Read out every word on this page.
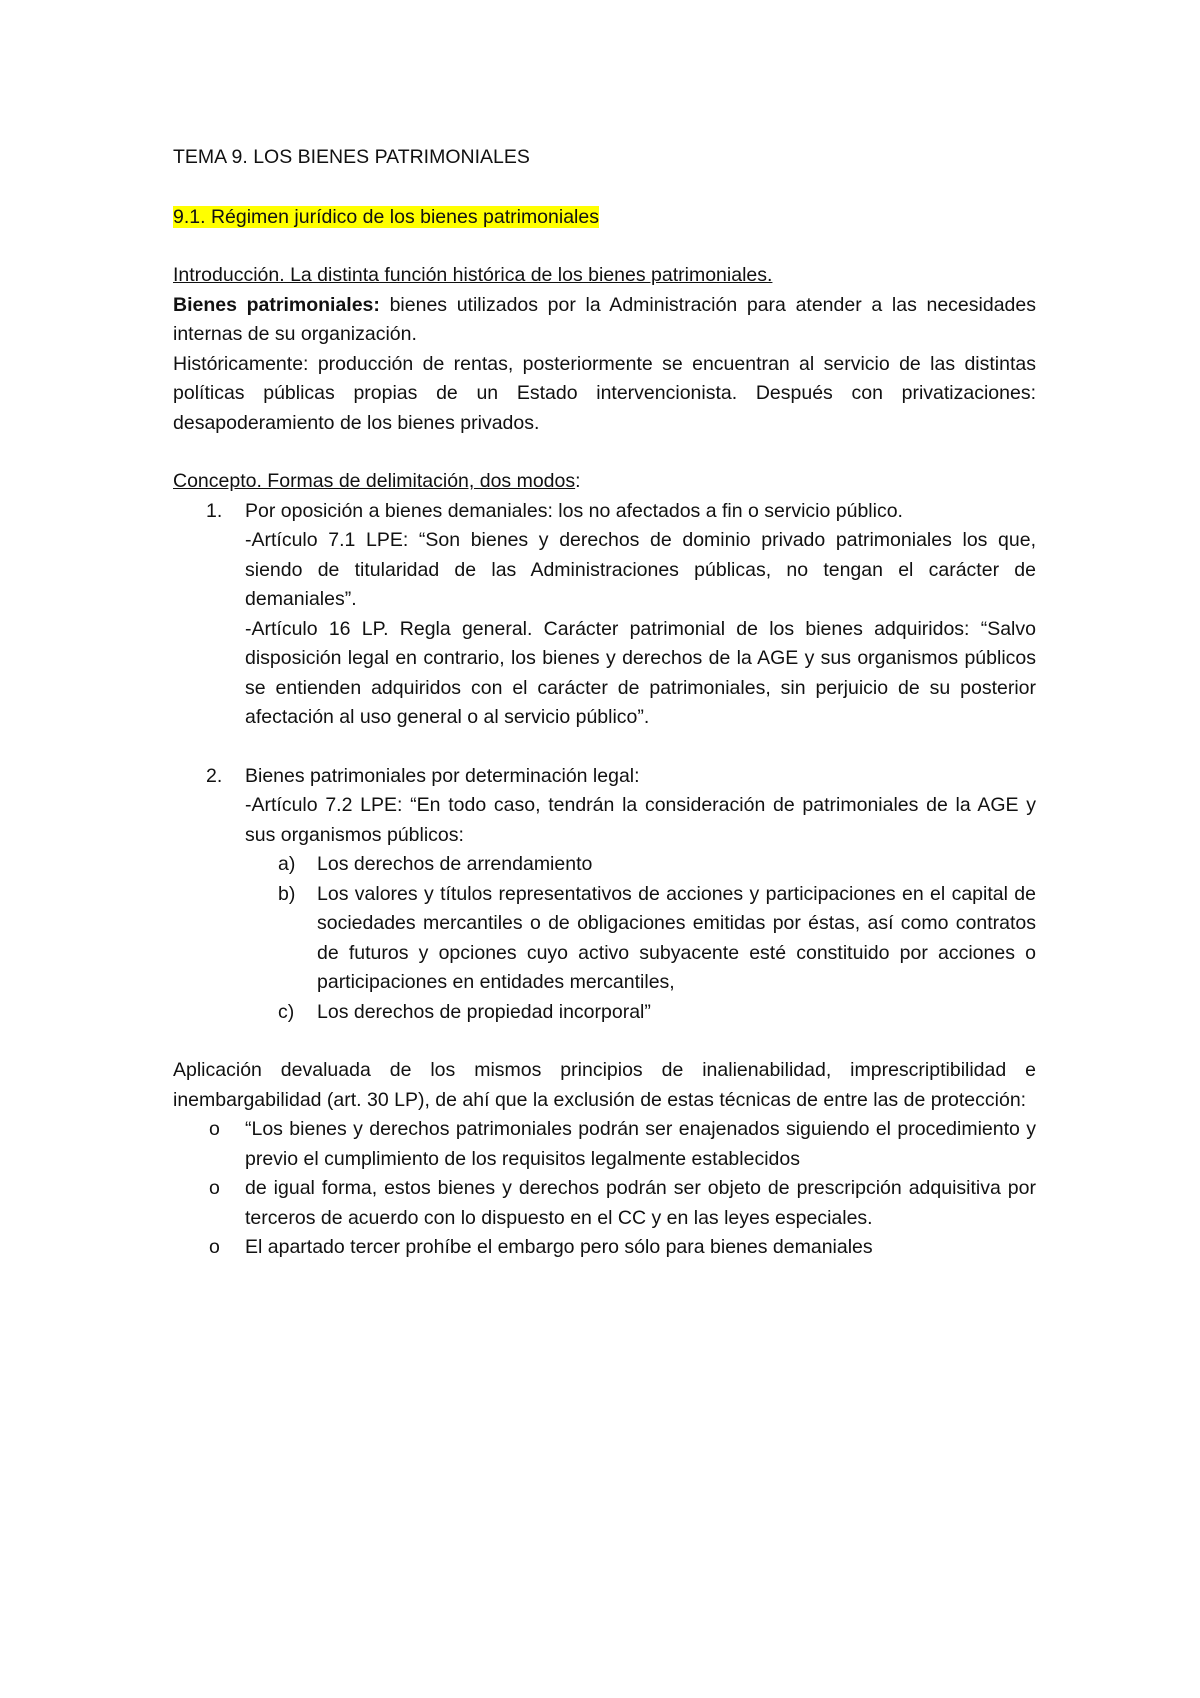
TEMA 9. LOS BIENES PATRIMONIALES

9.1. Régimen jurídico de los bienes patrimoniales

Introducción. La distinta función histórica de los bienes patrimoniales.

Bienes patrimoniales: bienes utilizados por la Administración para atender a las necesidades internas de su organización.

Históricamente: producción de rentas, posteriormente se encuentran al servicio de las distintas políticas públicas propias de un Estado intervencionista. Después con privatizaciones: desapoderamiento de los bienes privados.

Concepto. Formas de delimitación, dos modos:

1. Por oposición a bienes demaniales: los no afectados a fin o servicio público.

-Artículo 7.1 LPE: “Son bienes y derechos de dominio privado patrimoniales los que, siendo de titularidad de las Administraciones públicas, no tengan el carácter de demaniales”.

-Artículo 16 LP. Regla general. Carácter patrimonial de los bienes adquiridos: “Salvo disposición legal en contrario, los bienes y derechos de la AGE y sus organismos públicos se entienden adquiridos con el carácter de patrimoniales, sin perjuicio de su posterior afectación al uso general o al servicio público”.

2. Bienes patrimoniales por determinación legal:

-Artículo 7.2 LPE: “En todo caso, tendrán la consideración de patrimoniales de la AGE y sus organismos públicos:

a) Los derechos de arrendamiento
b) Los valores y títulos representativos de acciones y participaciones en el capital de sociedades mercantiles o de obligaciones emitidas por éstas, así como contratos de futuros y opciones cuyo activo subyacente esté constituido por acciones o participaciones en entidades mercantiles,
c) Los derechos de propiedad incorporal”

Aplicación devaluada de los mismos principios de inalienabilidad, imprescriptibilidad e inembargabilidad (art. 30 LP), de ahí que la exclusión de estas técnicas de entre las de protección:

o “Los bienes y derechos patrimoniales podrán ser enajenados siguiendo el procedimiento y previo el cumplimiento de los requisitos legalmente establecidos
o de igual forma, estos bienes y derechos podrán ser objeto de prescripción adquisitiva por terceros de acuerdo con lo dispuesto en el CC y en las leyes especiales.
o El apartado tercer prohíbe el embargo pero sólo para bienes demaniales
